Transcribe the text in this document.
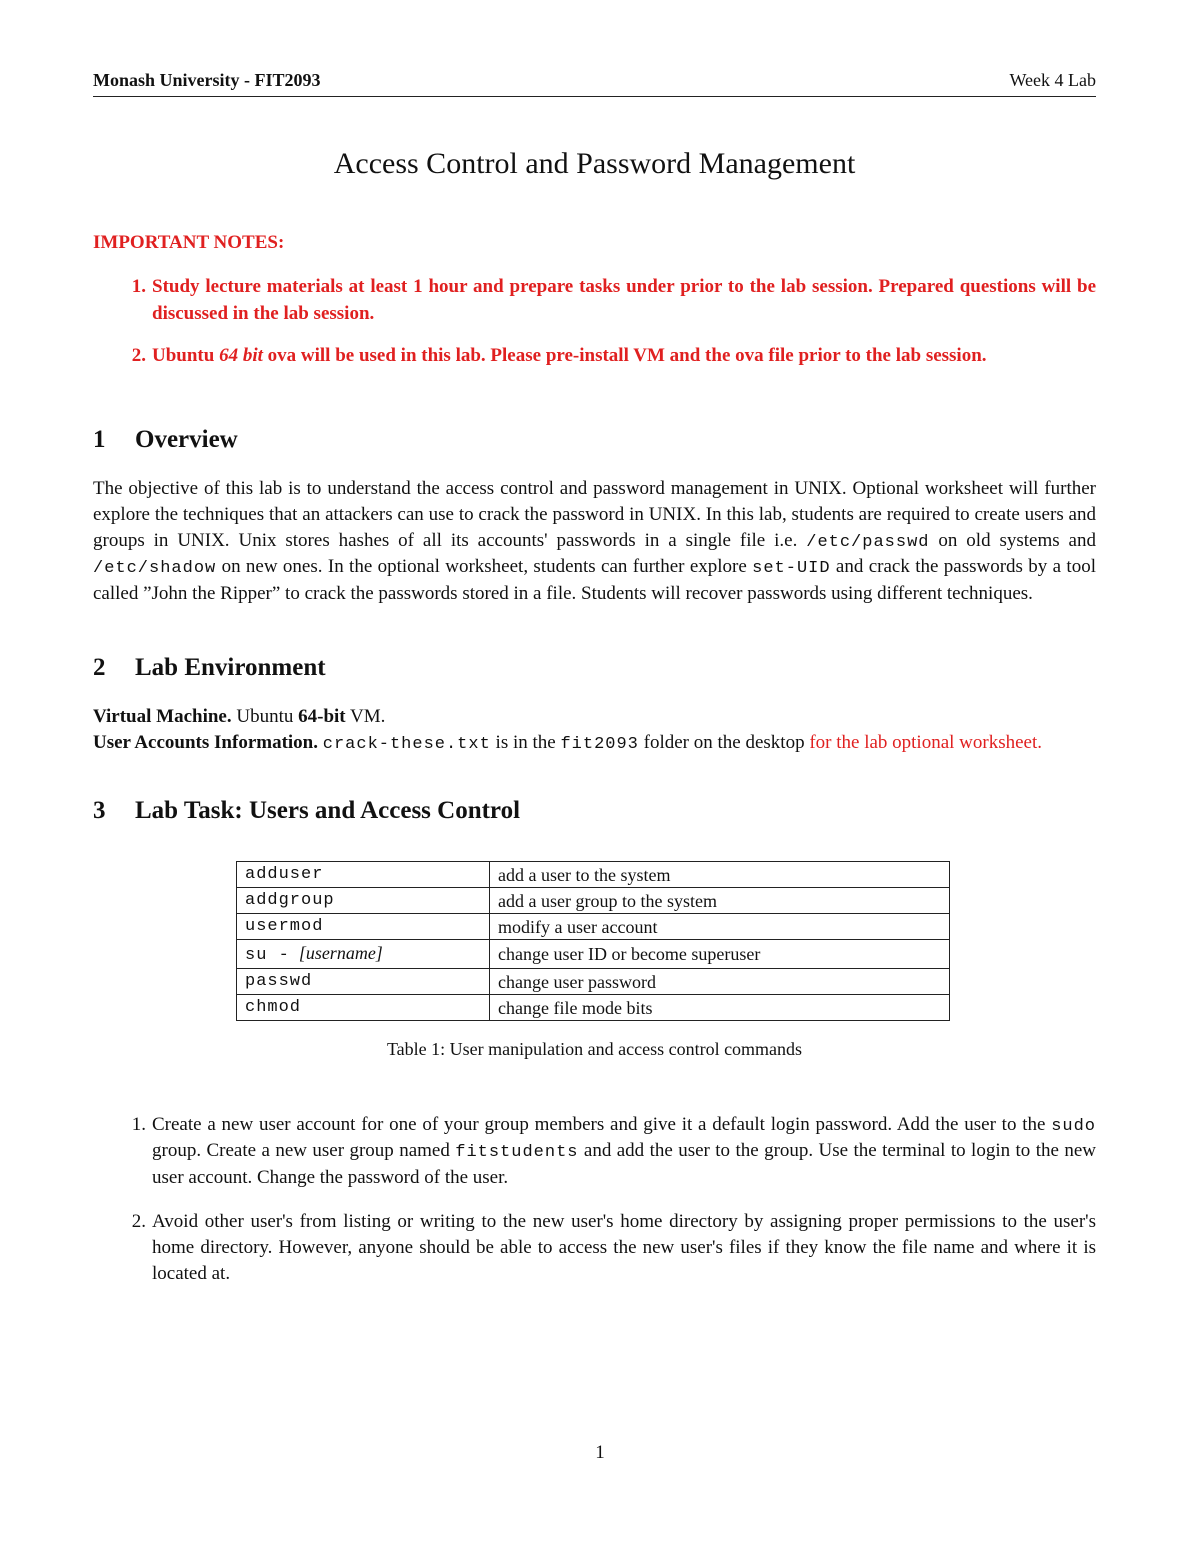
Monash University - FIT2093	Week 4 Lab
Access Control and Password Management
IMPORTANT NOTES:
1. Study lecture materials at least 1 hour and prepare tasks under prior to the lab session. Prepared questions will be discussed in the lab session.
2. Ubuntu 64 bit ova will be used in this lab. Please pre-install VM and the ova file prior to the lab session.
1	Overview

The objective of this lab is to understand the access control and password management in UNIX. Optional worksheet will further explore the techniques that an attackers can use to crack the password in UNIX. In this lab, students are required to create users and groups in UNIX. Unix stores hashes of all its accounts' passwords in a single file i.e. /etc/passwd on old systems and /etc/shadow on new ones. In the optional worksheet, students can further explore set-UID and crack the passwords by a tool called ”John the Ripper” to crack the passwords stored in a file. Students will recover passwords using different techniques.

2	Lab Environment

Virtual Machine. Ubuntu 64-bit VM.

User Accounts Information. crack-these.txt is in the fit2093 folder on the desktop for the lab optional worksheet.

3	Lab Task: Users and Access Control
adduser	add a user to the system
addgroup	add a user group to the system
usermod	modify a user account
su - [username]	change user ID or become superuser
passwd	change user password
chmod	change file mode bits
Table 1: User manipulation and access control commands
1. Create a new user account for one of your group members and give it a default login password. Add the user to the sudo group. Create a new user group named fitstudents and add the user to the group. Use the terminal to login to the new user account. Change the password of the user.
2. Avoid other user's from listing or writing to the new user's home directory by assigning proper permissions to the user's home directory. However, anyone should be able to access the new user's files if they know the file name and where it is located at.
1
